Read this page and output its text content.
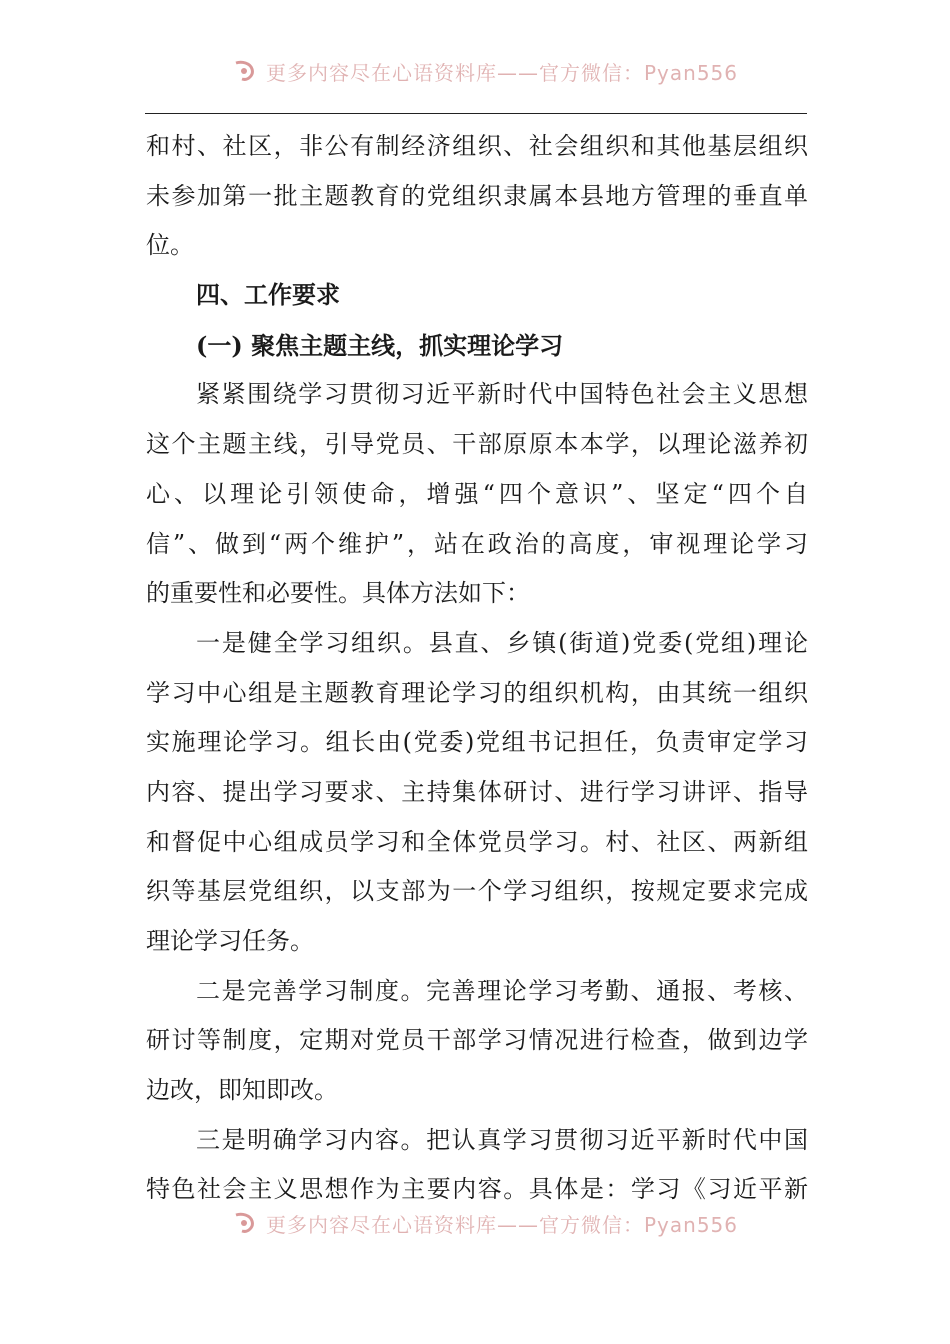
更多内容尽在心语资料库——官方微信：Pyan556
和村、社区，非公有制经济组织、社会组织和其他基层组织
未参加第一批主题教育的党组织隶属本县地方管理的垂直单
位。
四、工作要求
(一) 聚焦主题主线，抓实理论学习
紧紧围绕学习贯彻习近平新时代中国特色社会主义思想
这个主题主线，引导党员、干部原原本本学，以理论滋养初
心、以理论引领使命，增强“四个意识”、坚定“四个自
信”、做到“两个维护”，站在政治的高度，审视理论学习
的重要性和必要性。具体方法如下：
一是健全学习组织。县直、乡镇(街道)党委(党组)理论
学习中心组是主题教育理论学习的组织机构，由其统一组织
实施理论学习。组长由(党委)党组书记担任，负责审定学习
内容、提出学习要求、主持集体研讨、进行学习讲评、指导
和督促中心组成员学习和全体党员学习。村、社区、两新组
织等基层党组织，以支部为一个学习组织，按规定要求完成
理论学习任务。
二是完善学习制度。完善理论学习考勤、通报、考核、
研讨等制度，定期对党员干部学习情况进行检查，做到边学
边改，即知即改。
三是明确学习内容。把认真学习贯彻习近平新时代中国
特色社会主义思想作为主要内容。具体是：学习《习近平新
更多内容尽在心语资料库——官方微信：Pyan556
